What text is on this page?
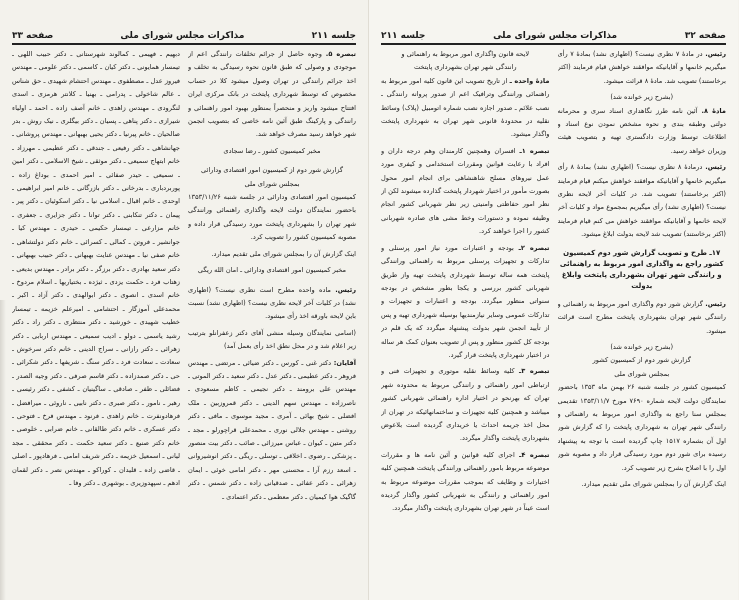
جلسه ۲۱۱
مذاکرات مجلس شورای ملی
صفحه ۳۳

تبصره ۵. وجوه حاصل از جرائم تخلفات رانندگی اعم از موجودی و وصولی که طبق قانون نحوه رسیدگی به تخلف و اخذ جرائم رانندگی در تهران وصول میشود کلا در حساب مخصوص که توسط شهرداری پایتخت در بانک مرکزی ایران افتتاح میشود واریز و منحصراً بمنظور بهبود امور راهنمائی و رانندگی و پارکینگ طبق آئین نامه خاصی که بتصویب انجمن شهر خواهد رسید مصرف خواهد شد.

مخبر کمیسیون کشور ـ رضا سجادی
گزارش شور دوم از کمیسیون امور اقتصادی ودارائی
بمجلس شورای ملی

کمیسیون امور اقتصادی ودارائی در جلسه شنبه ۱۳۵۳/۱۱/۲۶ باحضور نمایندگان دولت لایحه واگذاری راهنمائی ورانندگی شهر تهران را بشهرداری پایتخت مورد رسیدگی قرار داده و مصوبه کمیسیون کشور را تصویب کرد.

اینک گزارش آن را بمجلس شورای ملی تقدیم میدارد.

مخبر کمیسیون امور اقتصادی ودارائی ـ امان الله ریگی

رئیس. ماده واحده مطرح است نظری نیست؟ (اظهاری نشد) در کلیات آخر لایحه نظری نیست؟ (اظهاری نشد) نسبت باین لایحه باورقه اخذ رأی میشود.

(اسامی نمایندگان وسیله منشی آقای دکتر زعفرانلو بترتیب زیر اعلام شد و در محل نطق اخذ رأی بعمل آمد)

آقایان: دکتر غنی ـ کورس ـ دکتر ضیائی ـ مرتضی ـ مهندس فروهر ـ دکتر عطیمی ـ دکتر عدل ـ دکتر سعید ـ دکتر الموتی ـ مهندس علی برومند ـ دکتر نجیمی ـ کاظم مسعودی ـ ناصرزاده ـ مهندس سهم الدینی ـ دکتر قمروزبین ـ ملک افضلی ـ شیخ بهائی ـ آمری ـ مجید موسوی ـ مافی ـ دکتر روشنی ـ مهندس جلالی نوری ـ محمدعلی قراچورلو ـ مجد ـ دکتر متین ـ کیوان ـ عباس میرزائی ـ صائب ـ دکتر بیت منصور ـ پزشکی ـ رضوی ـ اخلاقی ـ توسلی ـ ریگی ـ دکتر انوشیروانی ـ اسعد رزم آرا ـ محسنی مهر ـ دکتر امامی خوئی ـ ایمان زهرائی ـ دکتر عفائی ـ صدقیانی زاده ـ دکتر شمس ـ دکتر گاگیک هوا کیمیان ـ دکتر معظمی ـ دکتر اعتمادی ـ

دبهیم ـ فهیمی ـ کمالوند شهرستانی ـ دکتر حبیب اللهی ـ تیمسار همایونی ـ دکتر کیان ـ کاسمی ـ دکتر علومی ـ مهندس فیروز عدل ـ مصطفوی ـ مهندس احتشام شهیدی ـ حق شناس ـ عالم شاخولی ـ پدرامی ـ بهنیا ـ کلانتر هرمزی ـ اسدی لنگرودی ـ مهندس زاهدی ـ خانم آصف زاده ـ احمد ـ اولیاء شیرازی ـ دکتر پناهی ـ پسیان ـ دکتر بیگلری ـ نیک روش ـ بدر صالحیان ـ خانم پیرنیا ـ دکتر یحیی بهبهانی ـ مهندس پروشانی ـ جهانشاهی ـ دکتر رفیعی ـ جندقی ـ دکتر عظیمی ـ مهرزاد ـ خانم ابتهاج سمیعی ـ دکتر موثقی ـ شیخ الاسلامی ـ دکتر امین ـ سمیعی ـ حیدر صفائی ـ امیر احمدی ـ بوداغ زاده ـ پوربردباری ـ بدرخانی ـ دکتر بازرگانی ـ خانم امیر ابراهیمی ـ اوحدی ـ خانم اقبال ـ اسلامی نیا ـ دکتر اسکوئیان ـ دکتر پیر ـ پیمان ـ دکتر تنکابنی ـ دکتر توانا ـ دکتر جزایری ـ جعفری ـ خانم مزارعی ـ تیمسار حکیمی ـ حیدری ـ مهندس کیا ـ جوانشیر ـ فروتن ـ کمالی ـ کسرائی ـ خانم دکتر دولتشاهی ـ خانم صفی نیا ـ مهندس عنایت بهبهانی ـ دکتر حبیب بهبهانی ـ دکتر سعید بهادری ـ دکتر برزگر ـ دکتر برادر ـ مهندس بدیعی ـ زهتاب فرد ـ حکمت یزدی ـ ثیژده ـ بختیاریها ـ اسلام مردوخ ـ خانم اسدی ـ انصوی ـ دکتر ابوالهدی ـ دکتر آزاد ـ اکبر ـ محمدعلی آموزگار ـ احتشامی ـ امیرعلم خزیمه ـ تیمسار خطیب شهیدی ـ خورشید ـ دکتر منتظری ـ دکتر راد ـ دکتر رشید یاسمی ـ دولو ـ ادیب سمیعی ـ مهندس اربابی ـ دکتر زهرائی ـ دکتر رازانی ـ سراج الدینی ـ خانم دکتر سرخوش ـ سعادت ـ سعادت فرد ـ دکتر سنگ ـ شریفها ـ دکتر شکرائی ـ حی ـ دکتر صمدزاده ـ دکتر قاسم صرفی ـ دکتر وجیه الصدر ـ فضائلی ـ ظفر ـ صادقی ـ ساگینیان ـ کشفی ـ دکتر رئیسی ـ رهبر ـ نامور ـ دکتر صبری ـ دکتر نابیی ـ ناروئی ـ میرافضل ـ فرهادونفرت ـ خانم زاهدی ـ فرنود ـ مهندس فرخ ـ فتوحی ـ دکتر عسکری ـ خانم دکتر طالقانی ـ خانم ضرابی ـ خلوصی ـ خانم دکتر صنیع ـ دکتر سعید حکمت ـ دکتر محققی ـ مجد لیانی ـ اسمعیل خزیمه ـ دکتر شریف امامی ـ فرهادپور ـ اصلی ـ قاضی زاده ـ قلیدان ـ کوراکو ـ مهندس نصر ـ دکتر لقمان ادهم ـ سپهدوزیری ـ بوشهری ـ دکتر وفا ـ

صفحه ۳۲
مذاکرات مجلس شورای ملی
جلسه ۲۱۱

رئیس. در مادهٔ ۷ نظری نیست؟ (اظهاری نشد) بمادهٔ ۷ رأی میگیریم خانمها و آقایانیکه موافقند خواهش قیام فرمایند (اکثر برخاستند) تصویب شد. مادهٔ ۸ قرائت میشود.

(بشرح زیر خوانده شد)

مادهٔ ۸. آئین نامه طرز نگاهداری اسناد سری و محرمانه دولتی وطبقه بندی و نحوه مشخص نمودن نوع اسناد و اطلاعات توسط وزارت دادگستری تهیه و بتصویب هیئت وزیران خواهد رسید.

رئیس. درمادهٔ ۸ نظری نیست؟ (اظهاری نشد) بمادهٔ ۸ رأی میگیریم خانمها و آقایانیکه موافقند خواهش میکنم قیام فرمایند (اکثر برخاستند) تصویب شد. در کلیات آخر لایحه نظری نیست؟ (اظهاری نشد) رأی میگیریم بمجموع مواد و کلیات آخر لایحه خانمها و آقایانیکه موافقند خواهش می کنم قیام فرمایند (اکثر برخاستند) تصویب شد لایحه بدولت ابلاغ میشود.

۱۷ـ طرح و تصویب گزارش شور دوم کمیسیون کشور راجع به واگذاری امور مربوط به راهنمائی و رانندگی شهر تهران بشهرداری پایتخت وابلاغ بدولت

رئیس. گزارش شور دوم واگذاری امور مربوط به راهنمائی و رانندگی شهر تهران بشهرداری پایتخت مطرح است قرائت میشود.

(بشرح زیر خوانده شد)
گزارش شور دوم از کمیسیون کشور
بمجلس شورای ملی

کمیسیون کشور در جلسه شنبه ۲۶ بهمن ماه ۱۳۵۳ باحضور نمایندگان دولت لایحه شماره ۷۶۹۰ مورخ ۱۳۵۳/۱۱/۷ تقدیمی بمجلس سنا راجع به واگذاری امور مربوط به راهنمائی و رانندگی شهر تهران به شهرداری پایتخت را که گزارش شور اول آن بشماره ۱۵۱۷ چاپ گردیده است با توجه به پیشنهاد رسیده برای شور دوم مورد رسیدگی قرار داد و مصوبه شور اول را با اصلاح بشرح زیر تصویب کرد.

اینک گزارش آن را بمجلس شورای ملی تقدیم میدارد.

لایحه قانون واگذاری امور مربوط به راهنمائی و
رانندگی شهر تهران بشهرداری پایتخت

مادهٔ واحده ـ از تاریخ تصویب این قانون کلیه امور مربوط به راهنمائی ورانندگی وترافیک اعم از صدور پروانه رانندگی ـ نصب علائم ـ صدور اجازه نصب شماره اتومبیل (پلاک) وسائط نقلیه در محدودهٔ قانونی شهر تهران به شهرداری پایتخت واگذار میشود.

تبصره ۱ـ افسران وهمچنین کارمندان وهم درجه داران و افراد با رعایت قوانین ومقررات استخدامی و کیفری مورد عمل نیروهای مسلح شاهنشاهی برای انجام امور محول بصورت مأمور در اختیار شهردار پایتخت گذارده میشوند لکن از نظر امور حفاظتی وامنیتی زیر نظر شهربانی کشور انجام وظیفه نموده و دستورات وخط مشی های صادره شهربانی کشور را اجرا خواهند کرد.

تبصره ۲ـ بودجه و اعتبارات مورد نیاز امور پرسنلی و تدارکات و تجهیزات پرسنلی مربوط به راهنمائی ورانندگی پایتخت همه ساله توسط شهرداری پایتخت تهیه واز طریق شهربانی کشور بررسی و یکجا بطور مشخص در بودجه سنواتی منظور میگردد. بودجه و اعتبارات و تجهیزات و تدارکات عمومی وسایر نیازمندیها بوسیله شهرداری تهیه و پس از تأیید انجمن شهر بدولت پیشنهاد میگردد که یک قلم در بودجه کل کشور منظور و پس از تصویب بعنوان کمک هر ساله در اختیار شهرداری پایتخت قرار گیرد.

تبصره ۳ـ کلیه وسائط نقلیه موتوری و تجهیزات فنی و ارتباطی امور راهنمائی و رانندگی مربوط به محدوده شهر تهران که بهرنحو در اختیار اداره راهنمائی شهربانی کشور میباشد و همچنین کلیه تجهیزات و ساختمانهائیکه در تهران از محل اخذ جریمه احداث یا خریداری گردیده است بلاعوض بشهرداری پایتخت واگذار میگردد.

تبصره ۴ـ اجرای کلیه قوانین و آئین نامه ها و مقررات موضوعه مربوط بامور راهنمائی ورانندگی پایتخت همچنین کلیه اختیارات و وظایف که بموجب مقررات موضوعه مربوط به امور راهنمائی و رانندگی به شهربانی کشور واگذار گردیده است عیناً در شهر تهران بشهرداری پایتخت واگذار میگردد.
